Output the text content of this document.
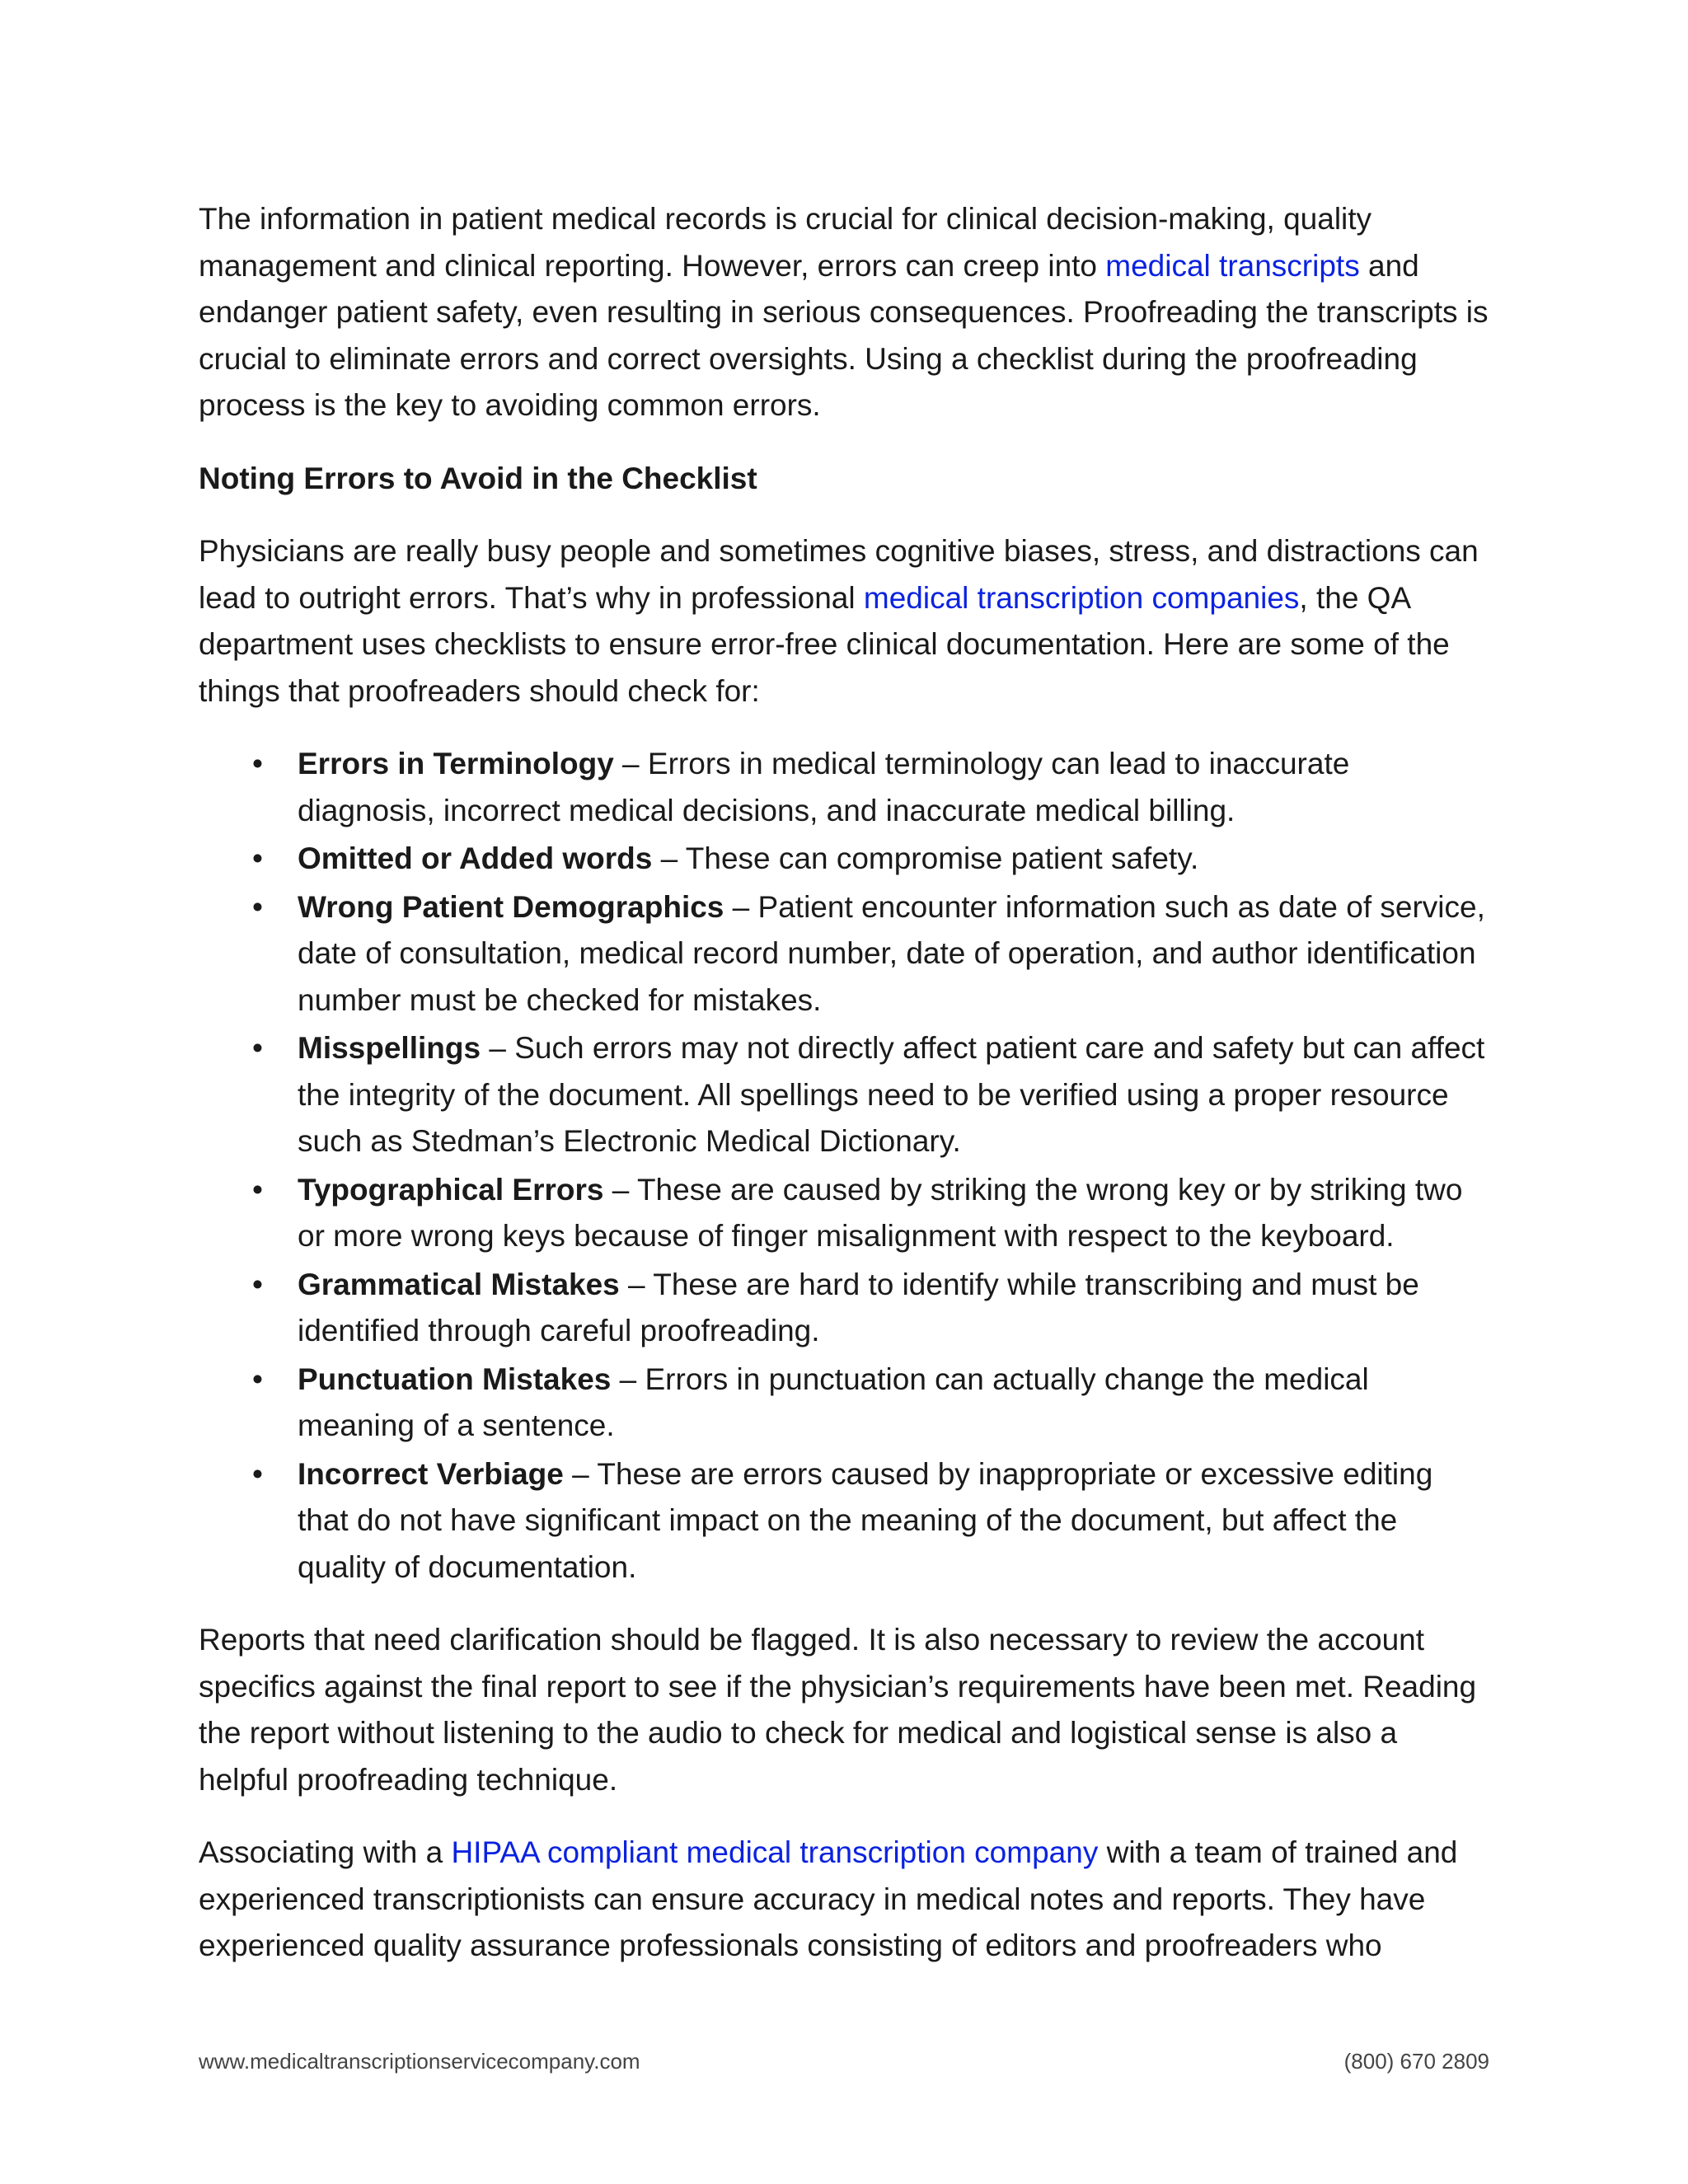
The information in patient medical records is crucial for clinical decision-making, quality management and clinical reporting. However, errors can creep into medical transcripts and endanger patient safety, even resulting in serious consequences. Proofreading the transcripts is crucial to eliminate errors and correct oversights. Using a checklist during the proofreading process is the key to avoiding common errors.

Noting Errors to Avoid in the Checklist

Physicians are really busy people and sometimes cognitive biases, stress, and distractions can lead to outright errors. That’s why in professional medical transcription companies, the QA department uses checklists to ensure error-free clinical documentation. Here are some of the things that proofreaders should check for:

• Errors in Terminology – Errors in medical terminology can lead to inaccurate diagnosis, incorrect medical decisions, and inaccurate medical billing.
• Omitted or Added words – These can compromise patient safety.
• Wrong Patient Demographics – Patient encounter information such as date of service, date of consultation, medical record number, date of operation, and author identification number must be checked for mistakes.
• Misspellings – Such errors may not directly affect patient care and safety but can affect the integrity of the document. All spellings need to be verified using a proper resource such as Stedman’s Electronic Medical Dictionary.
• Typographical Errors – These are caused by striking the wrong key or by striking two or more wrong keys because of finger misalignment with respect to the keyboard.
• Grammatical Mistakes – These are hard to identify while transcribing and must be identified through careful proofreading.
• Punctuation Mistakes – Errors in punctuation can actually change the medical meaning of a sentence.
• Incorrect Verbiage – These are errors caused by inappropriate or excessive editing that do not have significant impact on the meaning of the document, but affect the quality of documentation.

Reports that need clarification should be flagged. It is also necessary to review the account specifics against the final report to see if the physician’s requirements have been met. Reading the report without listening to the audio to check for medical and logistical sense is also a helpful proofreading technique.

Associating with a HIPAA compliant medical transcription company with a team of trained and experienced transcriptionists can ensure accuracy in medical notes and reports. They have experienced quality assurance professionals consisting of editors and proofreaders who

www.medicaltranscriptionservicecompany.com	(800) 670 2809
